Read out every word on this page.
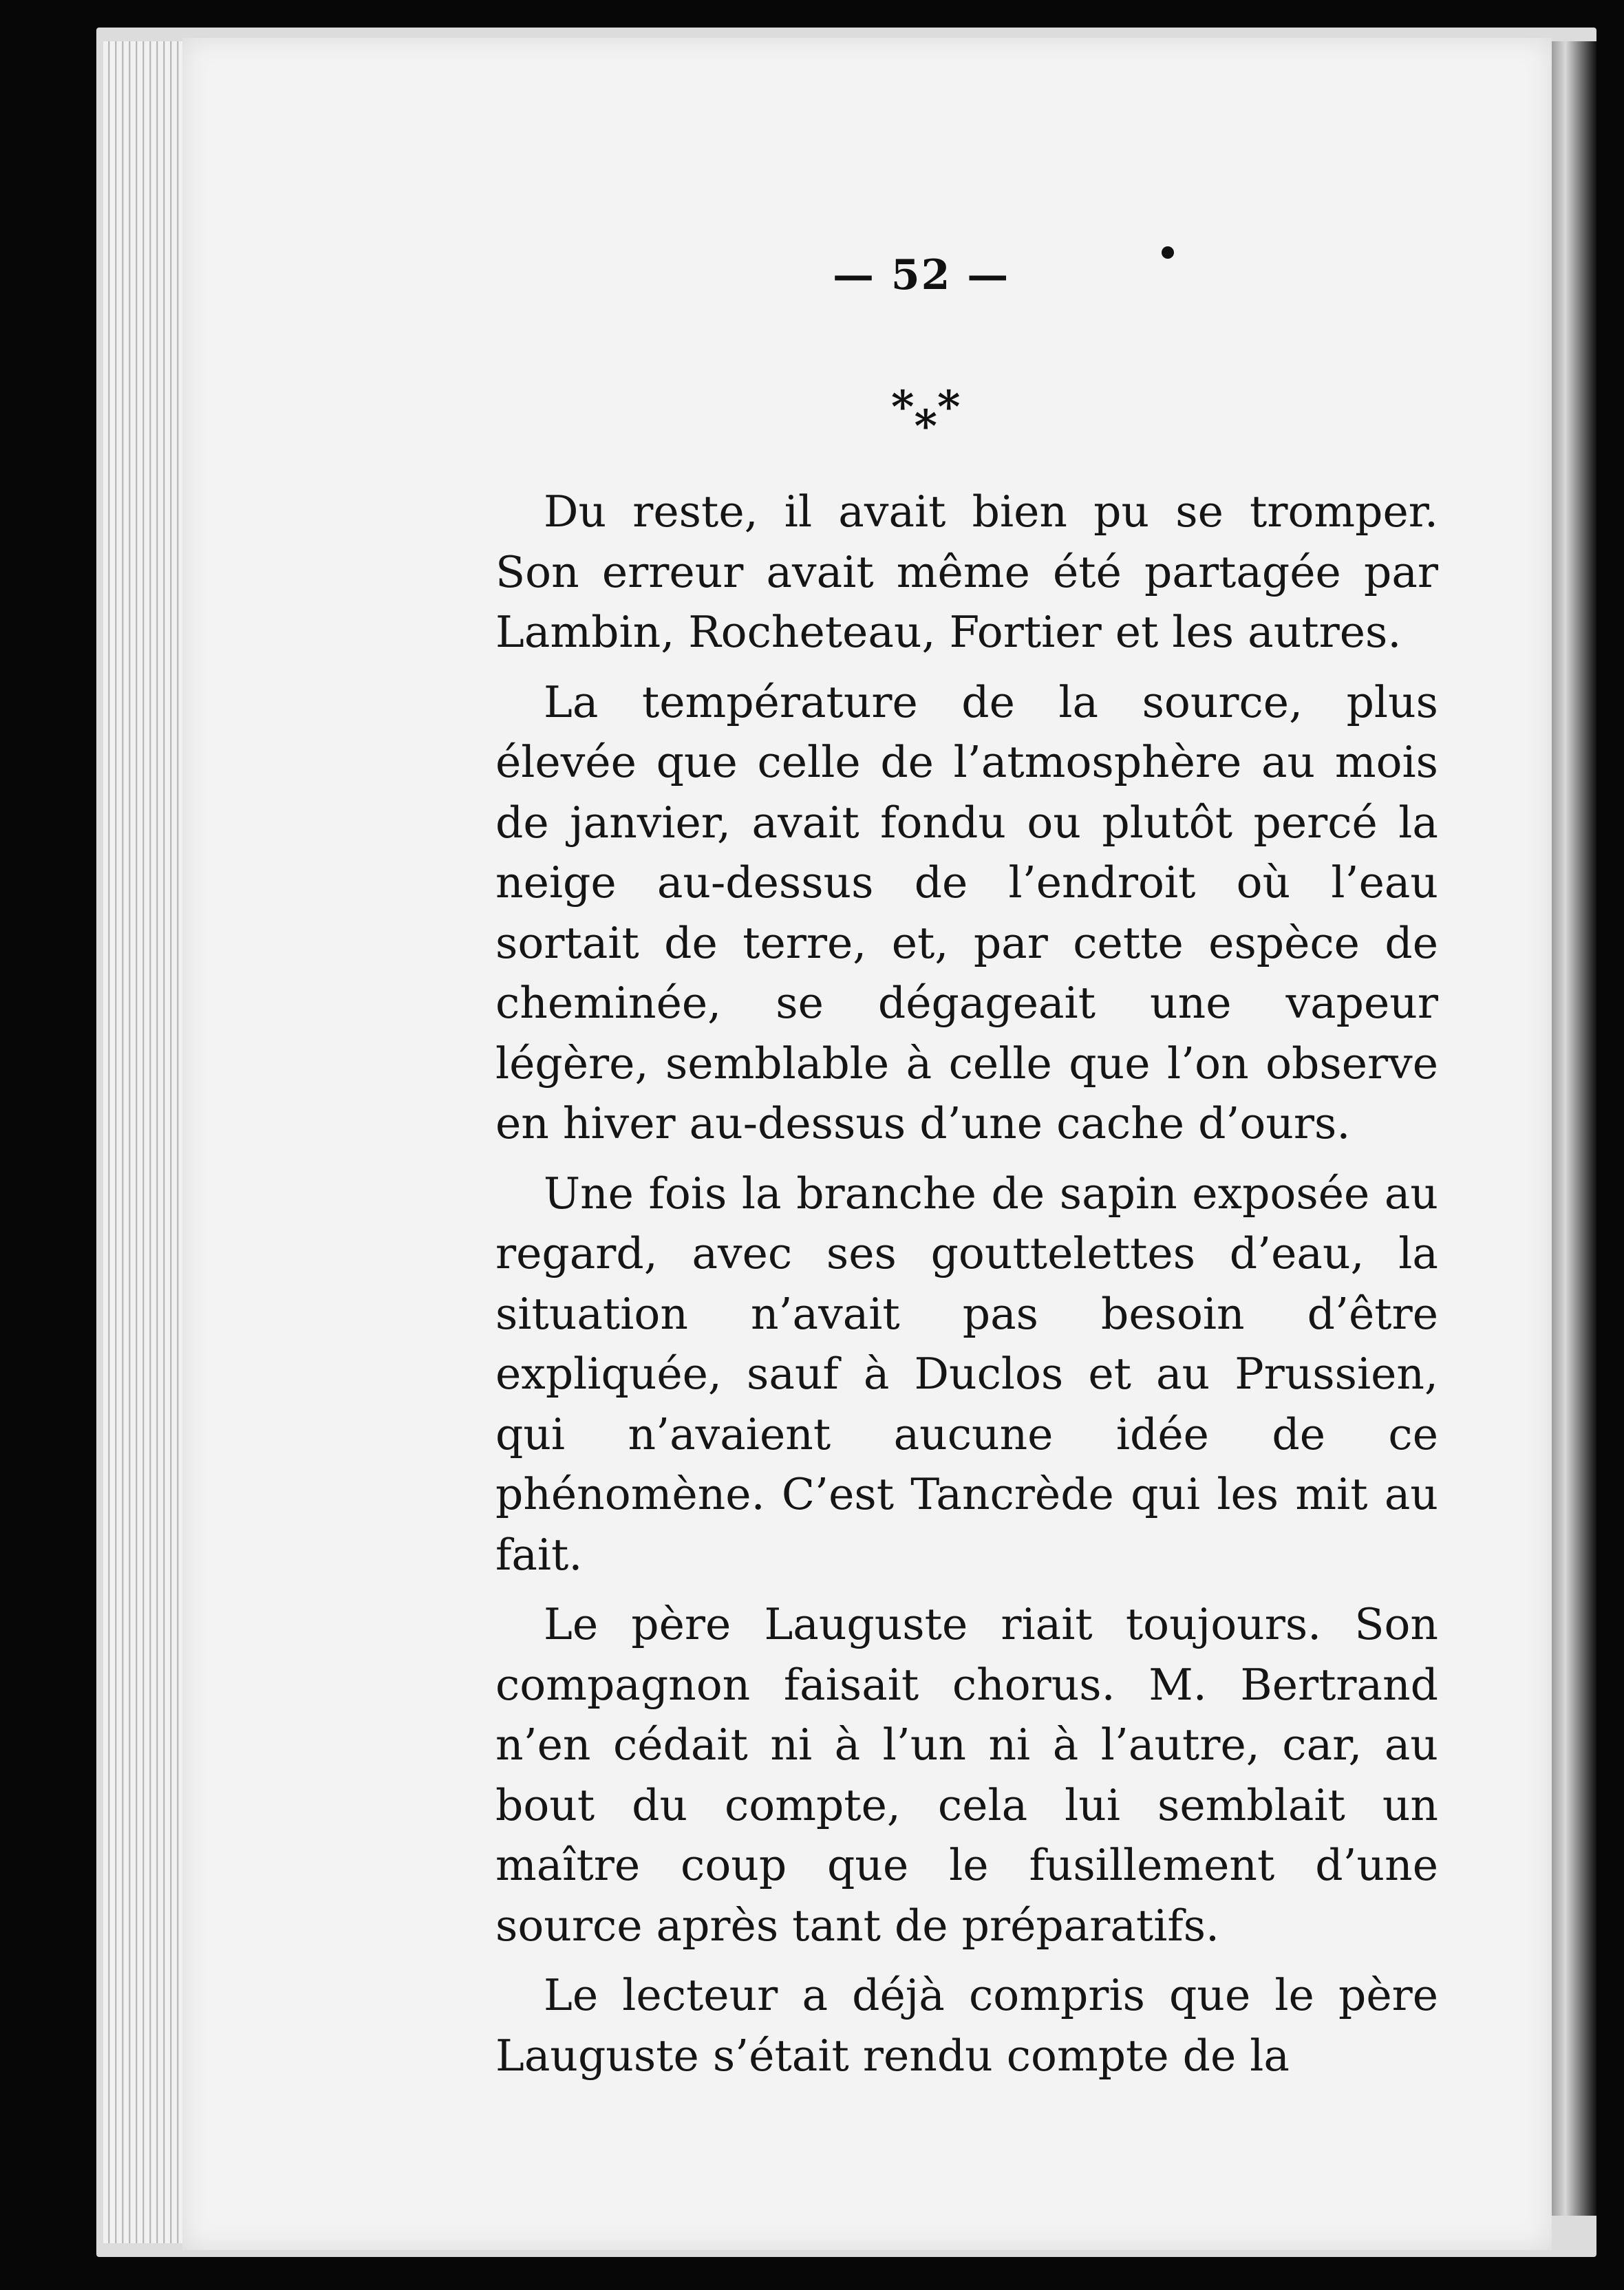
— 52 —
***

Du reste, il avait bien pu se tromper. Son erreur avait même été partagée par Lambin, Rocheteau, Fortier et les autres.

La température de la source, plus élevée que celle de l’atmosphère au mois de janvier, avait fondu ou plutôt percé la neige au-dessus de l’endroit où l’eau sortait de terre, et, par cette espèce de cheminée, se dégageait une vapeur légère, semblable à celle que l’on observe en hiver au-dessus d’une cache d’ours.

Une fois la branche de sapin exposée au regard, avec ses gouttelettes d’eau, la situation n’avait pas besoin d’être expliquée, sauf à Duclos et au Prussien, qui n’avaient aucune idée de ce phénomène. C’est Tancrède qui les mit au fait.

Le père Lauguste riait toujours. Son compagnon faisait chorus. M. Bertrand n’en cédait ni à l’un ni à l’autre, car, au bout du compte, cela lui semblait un maître coup que le fusillement d’une source après tant de préparatifs.

Le lecteur a déjà compris que le père Lauguste s’était rendu compte de la
